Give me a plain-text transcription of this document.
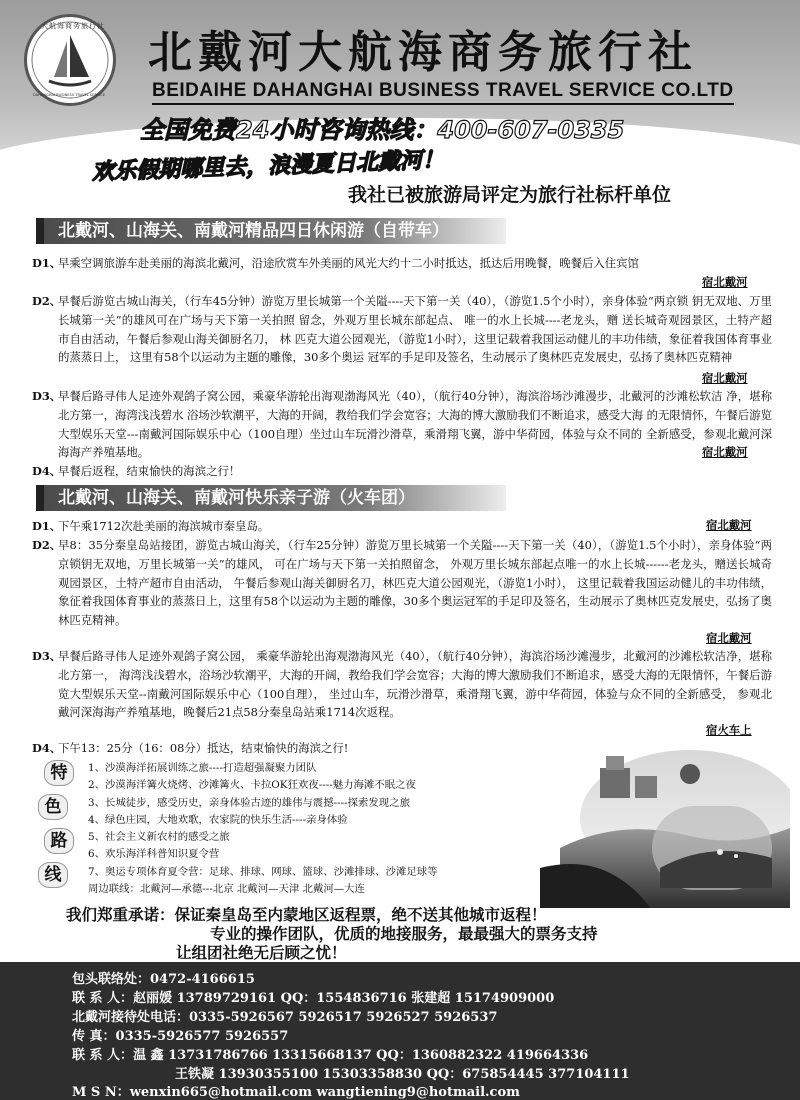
大航海商务旅行社
DAHANGHAI BUSINESS TRAVEL SERVICE
北戴河大航海商务旅行社
BEIDAIHE DAHANGHAI BUSINESS TRAVEL SERVICE CO.LTD
全国免费24小时咨询热线：400-607-0335
欢乐假期哪里去，浪漫夏日北戴河！
我社已被旅游局评定为旅行社标杆单位
北戴河、山海关、南戴河精品四日休闲游（自带车）
D1、
早乘空调旅游车赴美丽的海滨北戴河，沿途欣赏车外美丽的风光大约十二小时抵达，抵达后用晚餐，晚餐后入住宾馆
宿北戴河
D2、
早餐后游览古城山海关，（行车45分钟）游览万里长城第一个关隘----天下第一关（40），（游览1.5个小时），亲身体验“两京锁 钥无双地、万里长城第一关”的雄风可在广场与天下第一关拍照 留念，外观万里长城东部起点、 唯一的水上长城----老龙头，赠 送长城奇观园景区，土特产超市自由活动，午餐后参观山海关御厨名刀， 林 匹克大道公园观光，（游览1小时），这里记载着我国运动健儿的丰功伟绩，象征着我国体育事业的蒸蒸日上， 这里有58个以运动为主题的雕像，30多个奥运 冠军的手足印及签名，生动展示了奥林匹克发展史，弘扬了奥林匹克精神
宿北戴河
D3、
早餐后路寻伟人足迹外观鸽子窝公园，乘豪华游轮出海观渤海风光（40），（航行40分钟），海滨浴场沙滩漫步，北戴河的沙滩松软洁 净，堪称北方第一，海湾浅浅碧水 浴场沙软潮平，大海的开阔，教给我们学会宽容；大海的博大激励我们不断追求，感受大海 的无限情怀，午餐后游览大型娱乐天堂---南戴河国际娱乐中心（100自理）坐过山车玩滑沙滑草，乘滑翔飞翼，游中华荷园，体验与众不同的 全新感受，参观北戴河深海海产养殖基地。	宿北戴河
D4、
早餐后返程，结束愉快的海滨之行！
北戴河、山海关、南戴河快乐亲子游（火车团）
D1、
下午乘1712次赴美丽的海滨城市秦皇岛。	宿北戴河
D2、
早8：35分秦皇岛站接团，游览古城山海关，（行车25分钟）游览万里长城第一个关隘----天下第一关（40），（游览1.5个小时），亲身体验“两京锁钥无双地，万里长城第一关”的雄风， 可在广场与天下第一关拍照留念， 外观万里长城东部起点唯一的水上长城------老龙头，赠送长城奇观园景区，土特产超市自由活动， 午餐后参观山海关御厨名刀，林匹克大道公园观光，（游览1小时）， 这里记载着我国运动健儿的丰功伟绩， 象征着我国体育事业的蒸蒸日上，这里有58个以运动为主题的雕像，30多个奥运冠军的手足印及签名，生动展示了奥林匹克发展史，弘扬了奥林匹克精神。
宿北戴河
D3、
早餐后路寻伟人足迹外观鸽子窝公园， 乘豪华游轮出海观渤海风光（40），（航行40分钟），海滨浴场沙滩漫步，北戴河的沙滩松软洁净，堪称北方第一， 海湾浅浅碧水，浴场沙软潮平，大海的开阔，教给我们学会宽容；大海的博大激励我们不断追求，感受大海的无限情怀，午餐后游览大型娱乐天堂--南戴河国际娱乐中心（100自理）， 坐过山车，玩滑沙滑草，乘滑翔飞翼，游中华荷园，体验与众不同的全新感受， 参观北戴河深海海产养殖基地，晚餐后21点58分秦皇岛站乘1714次返程。
宿火车上
D4、
下午13：25分（16：08分）抵达，结束愉快的海滨之行!
特
色
路
线
1、沙漠海洋拓展训练之旅----打造超强凝聚力团队
2、沙漠海洋篝火烧烤、沙滩篝火、卡拉OK狂欢夜----魅力海滩不眠之夜
3、长城徒步，感受历史，亲身体验古迹的雄伟与震撼----探索发现之旅
4、绿色庄园，大地欢歌，农家院的快乐生活----亲身体验
5、社会主义新农村的感受之旅
6、欢乐海洋科普知识夏令营
7、奥运专项体育夏令营：足球、排球、网球、篮球、沙滩排球、沙滩足球等
周边联线：北戴河—承德---北京 北戴河—天津 北戴河—大连
我们郑重承诺：保证秦皇岛至内蒙地区返程票，绝不送其他城市返程！
专业的操作团队，优质的地接服务，最最强大的票务支持
让组团社绝无后顾之忧！
包头联络处：0472-4166615
联 系 人：赵丽媛 13789729161 QQ：1554836716 张建超 15174909000
北戴河接待处电话：0335-5926567 5926517 5926527 5926537
传 真：0335-5926577 5926557
联 系 人：温 鑫 13731786766 13315668137 QQ：1360882322 419664336
王铁凝 13930355100 15303358830 QQ：675854445 377104111
M S N：wenxin665@hotmail.com wangtiening9@hotmail.com
